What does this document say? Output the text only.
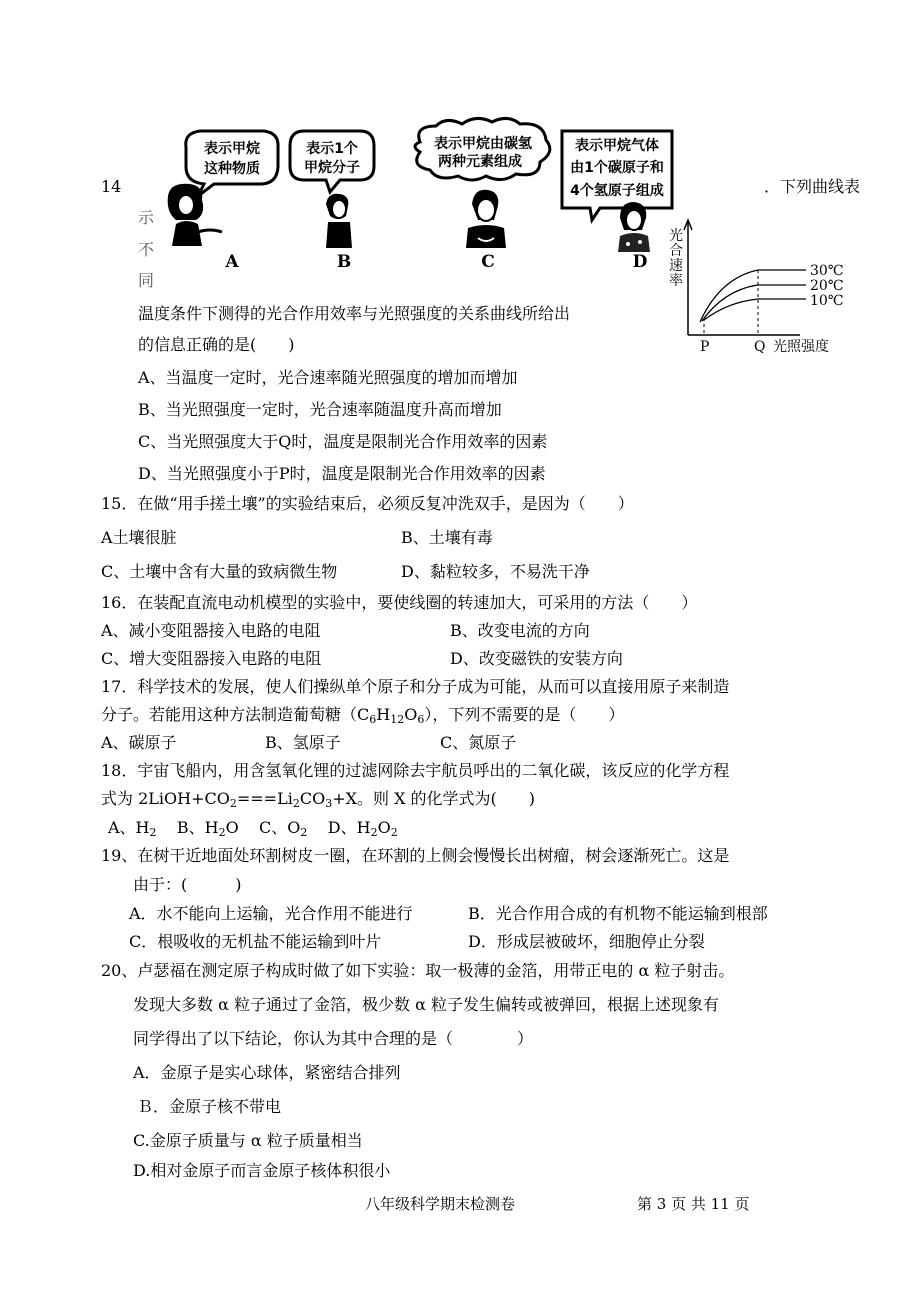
14	．下列曲线表
示
不
同
表示甲烷
这种物质
表示1个
甲烷分子
表示甲烷由碳氢
两种元素组成
表示甲烷气体
由1个碳原子和
4个氢原子组成
A	B	C	D
光
合
速
率
30℃
20℃
10℃
P	Q 光照强度
温度条件下测得的光合作用效率与光照强度的关系曲线所给出
的信息正确的是(　　)
A、当温度一定时，光合速率随光照强度的增加而增加
B、当光照强度一定时，光合速率随温度升高而增加
C、当光照强度大于Q时，温度是限制光合作用效率的因素
D、当光照强度小于P时，温度是限制光合作用效率的因素
15．在做“用手搓土壤”的实验结束后，必须反复冲洗双手，是因为（　　）
A土壤很脏	B、土壤有毒
C、土壤中含有大量的致病微生物	D、黏粒较多，不易洗干净
16．在装配直流电动机模型的实验中，要使线圈的转速加大，可采用的方法（　　）
A、减小变阻器接入电路的电阻	B、改变电流的方向
C、增大变阻器接入电路的电阻	D、改变磁铁的安装方向
17．科学技术的发展，使人们操纵单个原子和分子成为可能，从而可以直接用原子来制造
分子。若能用这种方法制造葡萄糖$(C_6H_{12}O_6)$，下列不需要的是（　　）
A、碳原子	B、氢原子	C、氮原子
18．宇宙飞船内，用含氢氧化锂的过滤网除去宇航员呼出的二氧化碳，该反应的化学方程
式为 $2LiOH+CO_2===Li_2CO_3+X$。则 X 的化学式为(　　)
A、$H_2$ B、$H_2O$ C、$O_2$ D、$H_2O_2$
19、在树干近地面处环割树皮一圈，在环割的上侧会慢慢长出树瘤，树会逐渐死亡。这是
由于：(　　　)
A．水不能向上运输，光合作用不能进行	B．光合作用合成的有机物不能运输到根部
C．根吸收的无机盐不能运输到叶片	D．形成层被破坏，细胞停止分裂
20、卢瑟福在测定原子构成时做了如下实验：取一极薄的金箔，用带正电的 α 粒子射击。
发现大多数 α 粒子通过了金箔，极少数 α 粒子发生偏转或被弹回，根据上述现象有
同学得出了以下结论，你认为其中合理的是（　　　　）
A．金原子是实心球体，紧密结合排列
Ｂ．金原子核不带电
C.金原子质量与 α 粒子质量相当
D.相对金原子而言金原子核体积很小
八年级科学期末检测卷	第 3 页 共 11 页
